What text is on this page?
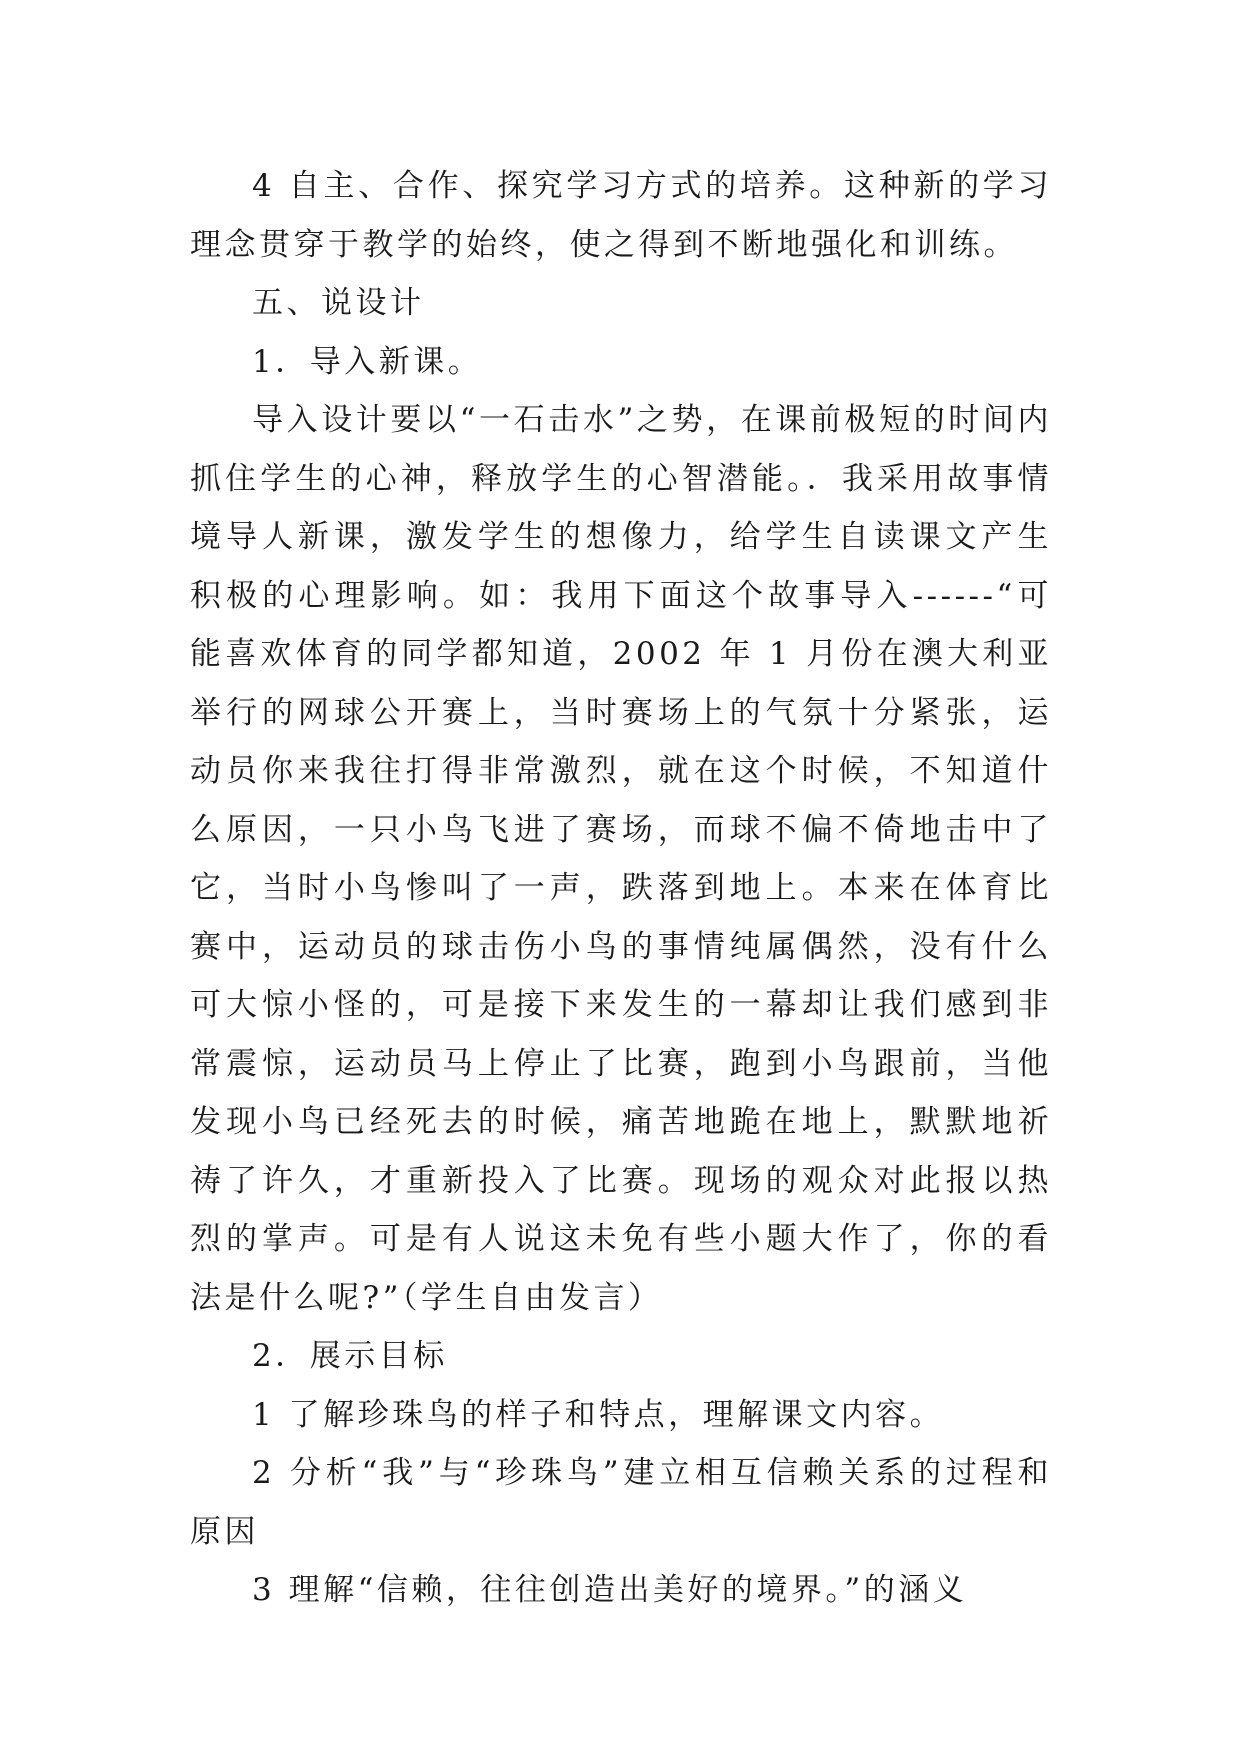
4 自主、合作、探究学习方式的培养。这种新的学习理念贯穿于教学的始终，使之得到不断地强化和训练。

五、说设计

1．导入新课。

导入设计要以“一石击水”之势，在课前极短的时间内抓住学生的心神，释放学生的心智潜能。．我采用故事情境导人新课，激发学生的想像力，给学生自读课文产生积极的心理影响。如：我用下面这个故事导入------“可能喜欢体育的同学都知道，2002 年 1 月份在澳大利亚举行的网球公开赛上，当时赛场上的气氛十分紧张，运动员你来我往打得非常激烈，就在这个时候，不知道什么原因，一只小鸟飞进了赛场，而球不偏不倚地击中了它，当时小鸟惨叫了一声，跌落到地上。本来在体育比赛中，运动员的球击伤小鸟的事情纯属偶然，没有什么可大惊小怪的，可是接下来发生的一幕却让我们感到非常震惊，运动员马上停止了比赛，跑到小鸟跟前，当他发现小鸟已经死去的时候，痛苦地跪在地上，默默地祈祷了许久，才重新投入了比赛。现场的观众对此报以热烈的掌声。可是有人说这未免有些小题大作了，你的看法是什么呢?”（学生自由发言）

2．展示目标

1 了解珍珠鸟的样子和特点，理解课文内容。

2 分析“我”与“珍珠鸟”建立相互信赖关系的过程和原因

3 理解“信赖，往往创造出美好的境界。”的涵义
